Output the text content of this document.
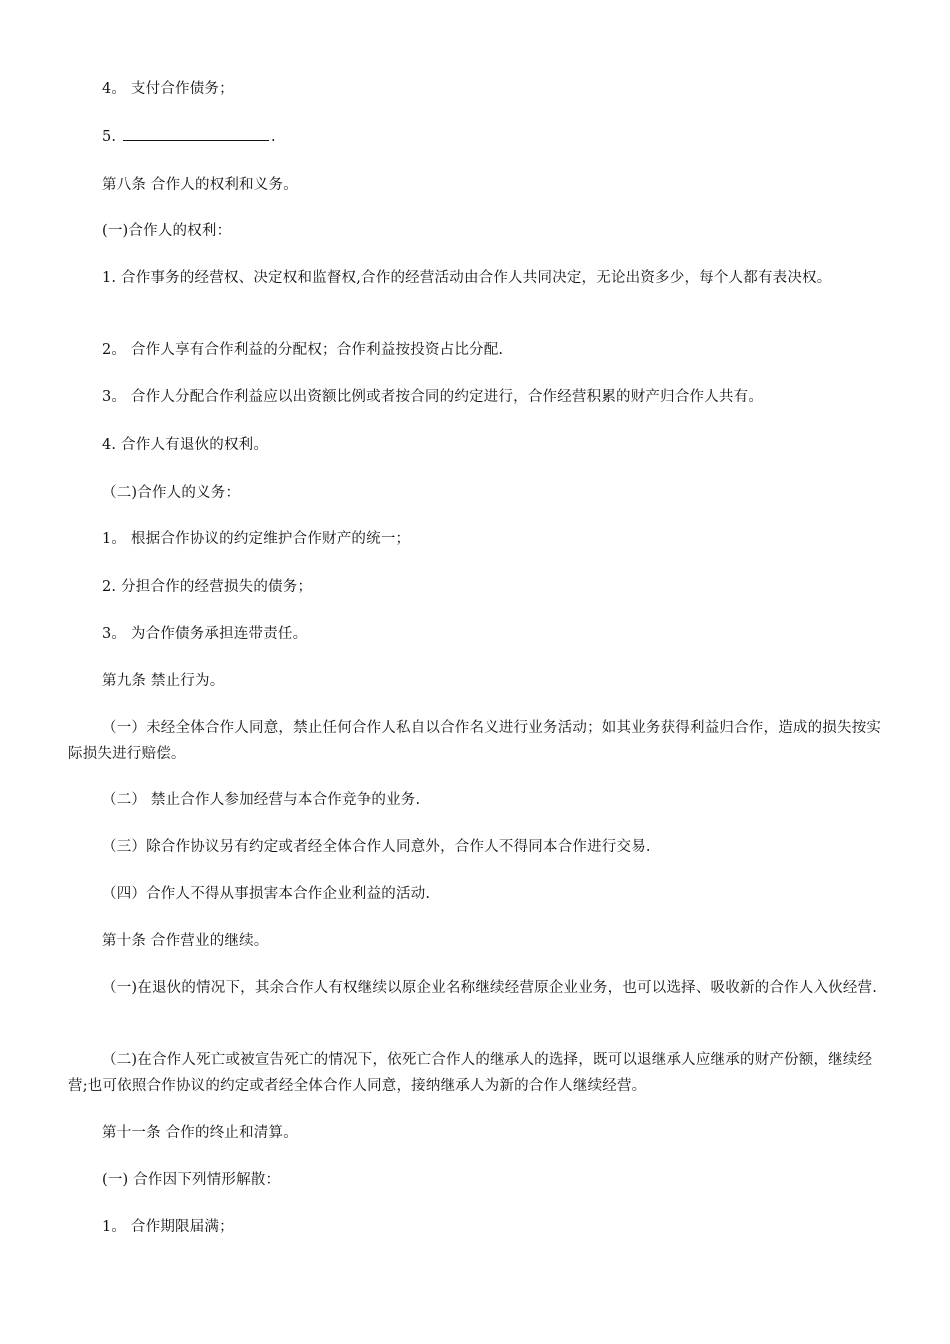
4。 支付合作债务；

5.	.

第八条 合作人的权利和义务。

(一)合作人的权利：

1. 合作事务的经营权、决定权和监督权,合作的经营活动由合作人共同决定，无论出资多少，每个人都有表决权。

2。 合作人享有合作利益的分配权；合作利益按投资占比分配.

3。 合作人分配合作利益应以出资额比例或者按合同的约定进行，合作经营积累的财产归合作人共有。

4. 合作人有退伙的权利。

（二)合作人的义务：

1。 根据合作协议的约定维护合作财产的统一；

2. 分担合作的经营损失的债务；

3。 为合作债务承担连带责任。

第九条 禁止行为。

（一）未经全体合作人同意，禁止任何合作人私自以合作名义进行业务活动；如其业务获得利益归合作，造成的损失按实际损失进行赔偿。

（二） 禁止合作人参加经营与本合作竞争的业务.

（三）除合作协议另有约定或者经全体合作人同意外，合作人不得同本合作进行交易.

（四）合作人不得从事损害本合作企业利益的活动.

第十条 合作营业的继续。

（一)在退伙的情况下，其余合作人有权继续以原企业名称继续经营原企业业务，也可以选择、吸收新的合作人入伙经营.

（二)在合作人死亡或被宣告死亡的情况下，依死亡合作人的继承人的选择，既可以退继承人应继承的财产份额，继续经营;也可依照合作协议的约定或者经全体合作人同意，接纳继承人为新的合作人继续经营。

第十一条 合作的终止和清算。

(一) 合作因下列情形解散：

1。 合作期限届满；
